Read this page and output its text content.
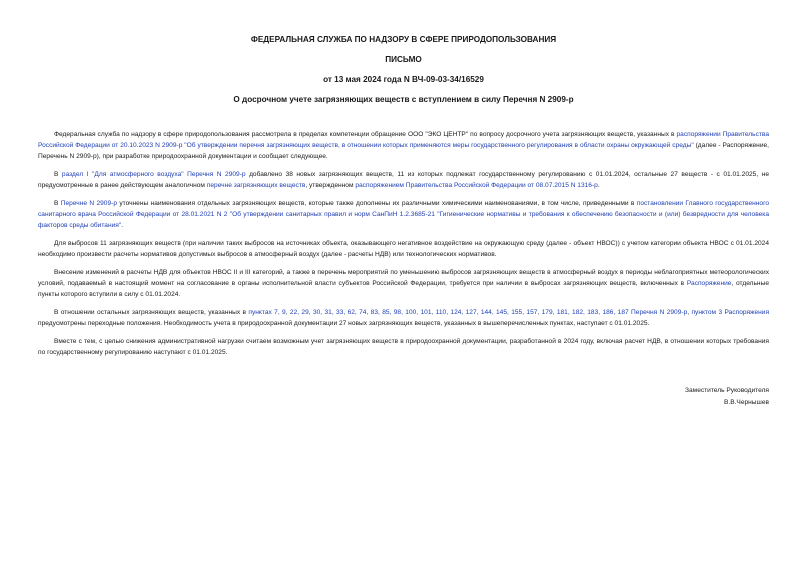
ФЕДЕРАЛЬНАЯ СЛУЖБА ПО НАДЗОРУ В СФЕРЕ ПРИРОДОПОЛЬЗОВАНИЯ
ПИСЬМО
от 13 мая 2024 года N ВЧ-09-03-34/16529
О досрочном учете загрязняющих веществ с вступлением в силу Перечня N 2909-р

Федеральная служба по надзору в сфере природопользования рассмотрела в пределах компетенции обращение ООО "ЭКО ЦЕНТР" по вопросу досрочного учета загрязняющих веществ, указанных в распоряжении Правительства Российской Федерации от 20.10.2023 N 2909-р "Об утверждении перечня загрязняющих веществ, в отношении которых применяются меры государственного регулирования в области охраны окружающей среды" (далее - Распоряжение, Перечень N 2909-р), при разработке природоохранной документации и сообщает следующее.

В раздел I "Для атмосферного воздуха" Перечня N 2909-р добавлено 38 новых загрязняющих веществ, 11 из которых подлежат государственному регулированию с 01.01.2024, остальные 27 веществ - с 01.01.2025, не предусмотренные в ранее действующем аналогичном перечне загрязняющих веществ, утвержденном распоряжением Правительства Российской Федерации от 08.07.2015 N 1316-р.

В Перечне N 2909-р уточнены наименования отдельных загрязняющих веществ, которые также дополнены их различными химическими наименованиями, в том числе, приведенными в постановлении Главного государственного санитарного врача Российской Федерации от 28.01.2021 N 2 "Об утверждении санитарных правил и норм СанПиН 1.2.3685-21 "Гигиенические нормативы и требования к обеспечению безопасности и (или) безвредности для человека факторов среды обитания".

Для выбросов 11 загрязняющих веществ (при наличии таких выбросов на источниках объекта, оказывающего негативное воздействие на окружающую среду (далее - объект НВОС)) с учетом категории объекта НВОС с 01.01.2024 необходимо произвести расчеты нормативов допустимых выбросов в атмосферный воздух (далее - расчеты НДВ) или технологических нормативов.

Внесение изменений в расчеты НДВ для объектов НВОС II и III категорий, а также в перечень мероприятий по уменьшению выбросов загрязняющих веществ в атмосферный воздух в периоды неблагоприятных метеорологических условий, подаваемый в настоящий момент на согласование в органы исполнительной власти субъектов Российской Федерации, требуется при наличии в выбросах загрязняющих веществ, включенных в Распоряжение, отдельные пункты которого вступили в силу с 01.01.2024.

В отношении остальных загрязняющих веществ, указанных в пунктах 7, 9, 22, 29, 30, 31, 33, 62, 74, 83, 85, 98, 100, 101, 110, 124, 127, 144, 145, 155, 157, 179, 181, 182, 183, 186, 187 Перечня N 2909-р, пунктом 3 Распоряжения предусмотрены переходные положения. Необходимость учета в природоохранной документации 27 новых загрязняющих веществ, указанных в вышеперечисленных пунктах, наступает с 01.01.2025.

Вместе с тем, с целью снижения административной нагрузки считаем возможным учет загрязняющих веществ в природоохранной документации, разработанной в 2024 году, включая расчет НДВ, в отношении которых требования по государственному регулированию наступают с 01.01.2025.

Заместитель Руководителя
В.В.Чернышев
